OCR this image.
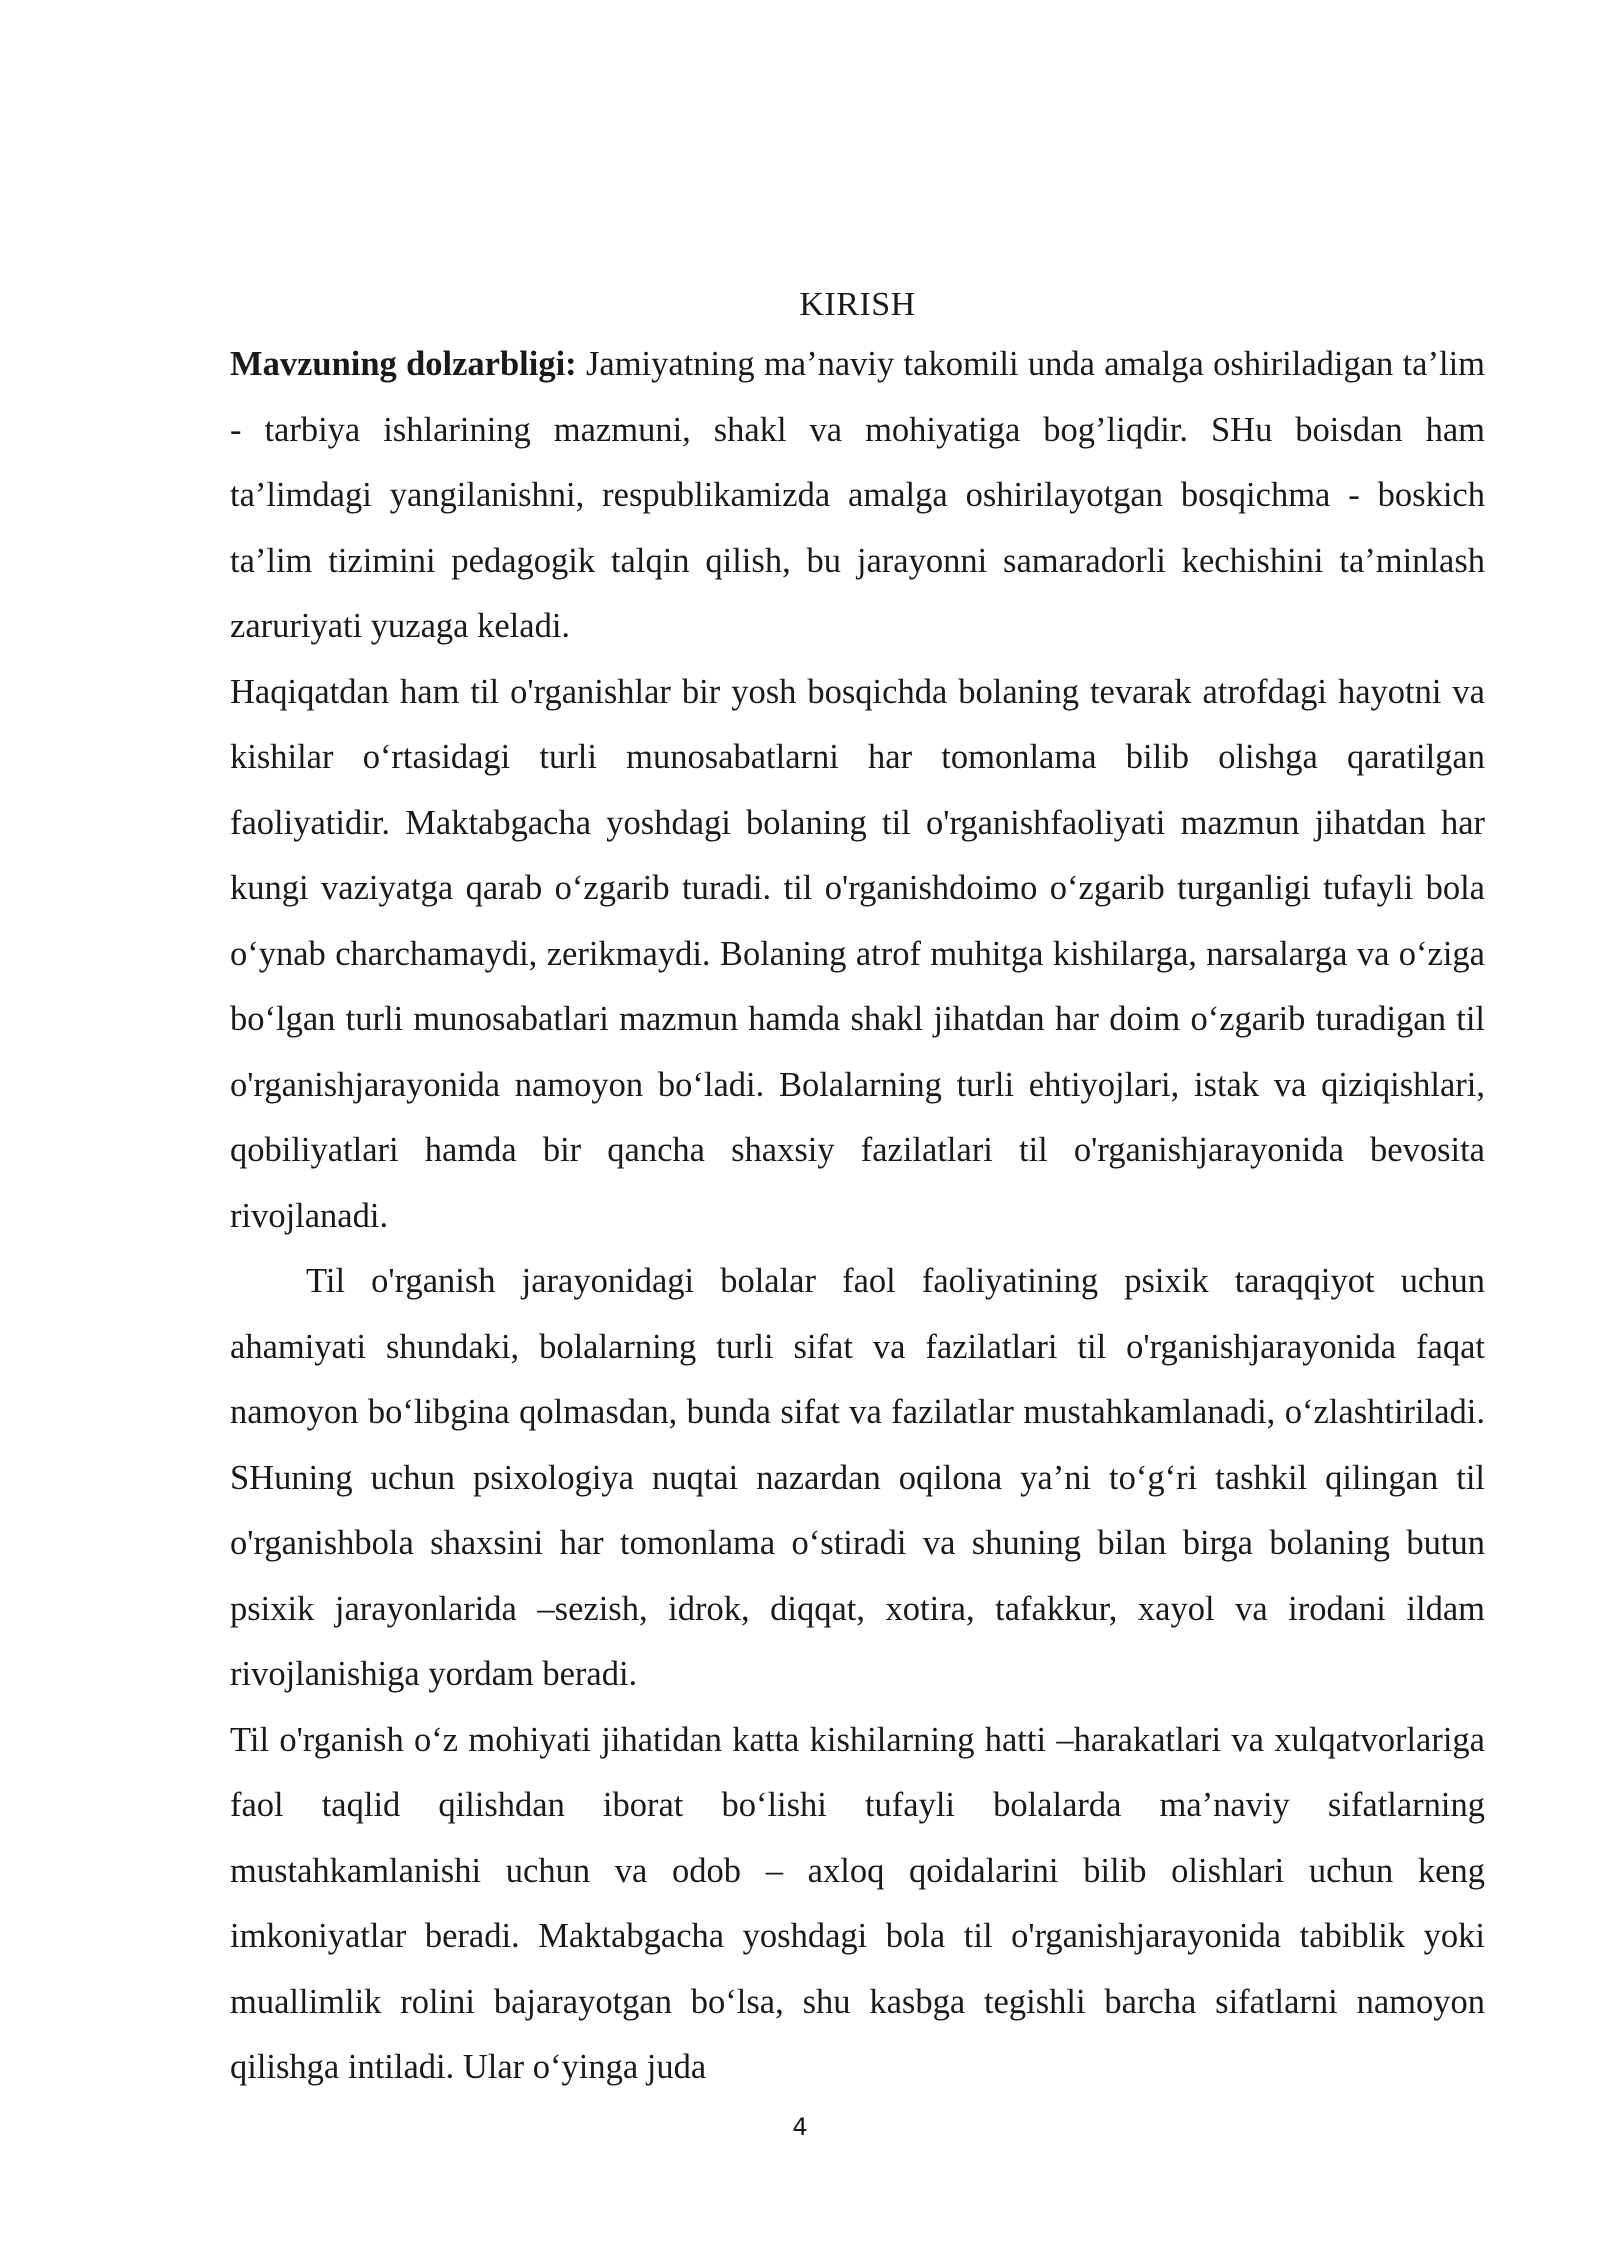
KIRISH

Mavzuning dolzarbligi: Jamiyatning ma’naviy takomili unda amalga oshiriladigan ta’lim - tarbiya ishlarining mazmuni, shakl va mohiyatiga bog’liqdir. SHu boisdan ham ta’limdagi yangilanishni, respublikamizda amalga oshirilayotgan bosqichma - boskich ta’lim tizimini pedagogik talqin qilish, bu jarayonni samaradorli kechishini ta’minlash zaruriyati yuzaga keladi.

Haqiqatdan ham til o'rganishlar bir yosh bosqichda bolaning tevarak atrofdagi hayotni va kishilar o‘rtasidagi turli munosabatlarni har tomonlama bilib olishga qaratilgan faoliyatidir. Maktabgacha yoshdagi bolaning til o'rganishfaoliyati mazmun jihatdan har kungi vaziyatga qarab o‘zgarib turadi. til o'rganishdoimo o‘zgarib turganligi tufayli bola o‘ynab charchamaydi, zerikmaydi. Bolaning atrof muhitga kishilarga, narsalarga va o‘ziga bo‘lgan turli munosabatlari mazmun hamda shakl jihatdan har doim o‘zgarib turadigan til o'rganishjarayonida namoyon bo‘ladi. Bolalarning turli ehtiyojlari, istak va qiziqishlari, qobiliyatlari hamda bir qancha shaxsiy fazilatlari til o'rganishjarayonida bevosita rivojlanadi.

Til o'rganish jarayonidagi bolalar faol faoliyatining psixik taraqqiyot uchun ahamiyati shundaki, bolalarning turli sifat va fazilatlari til o'rganishjarayonida faqat namoyon bo‘libgina qolmasdan, bunda sifat va fazilatlar mustahkamlanadi, o‘zlashtiriladi. SHuning uchun psixologiya nuqtai nazardan oqilona ya’ni to‘g‘ri tashkil qilingan til o'rganishbola shaxsini har tomonlama o‘stiradi va shuning bilan birga bolaning butun psixik jarayonlarida –sezish, idrok, diqqat, xotira, tafakkur, xayol va irodani ildam rivojlanishiga yordam beradi.

Til o'rganish o‘z mohiyati jihatidan katta kishilarning hatti –harakatlari va xulqatvorlariga faol taqlid qilishdan iborat bo‘lishi tufayli bolalarda ma’naviy sifatlarning mustahkamlanishi uchun va odob – axloq qoidalarini bilib olishlari uchun keng imkoniyatlar beradi. Maktabgacha yoshdagi bola til o'rganishjarayonida tabiblik yoki muallimlik rolini bajarayotgan bo‘lsa, shu kasbga tegishli barcha sifatlarni namoyon qilishga intiladi. Ular o‘yinga juda

4
